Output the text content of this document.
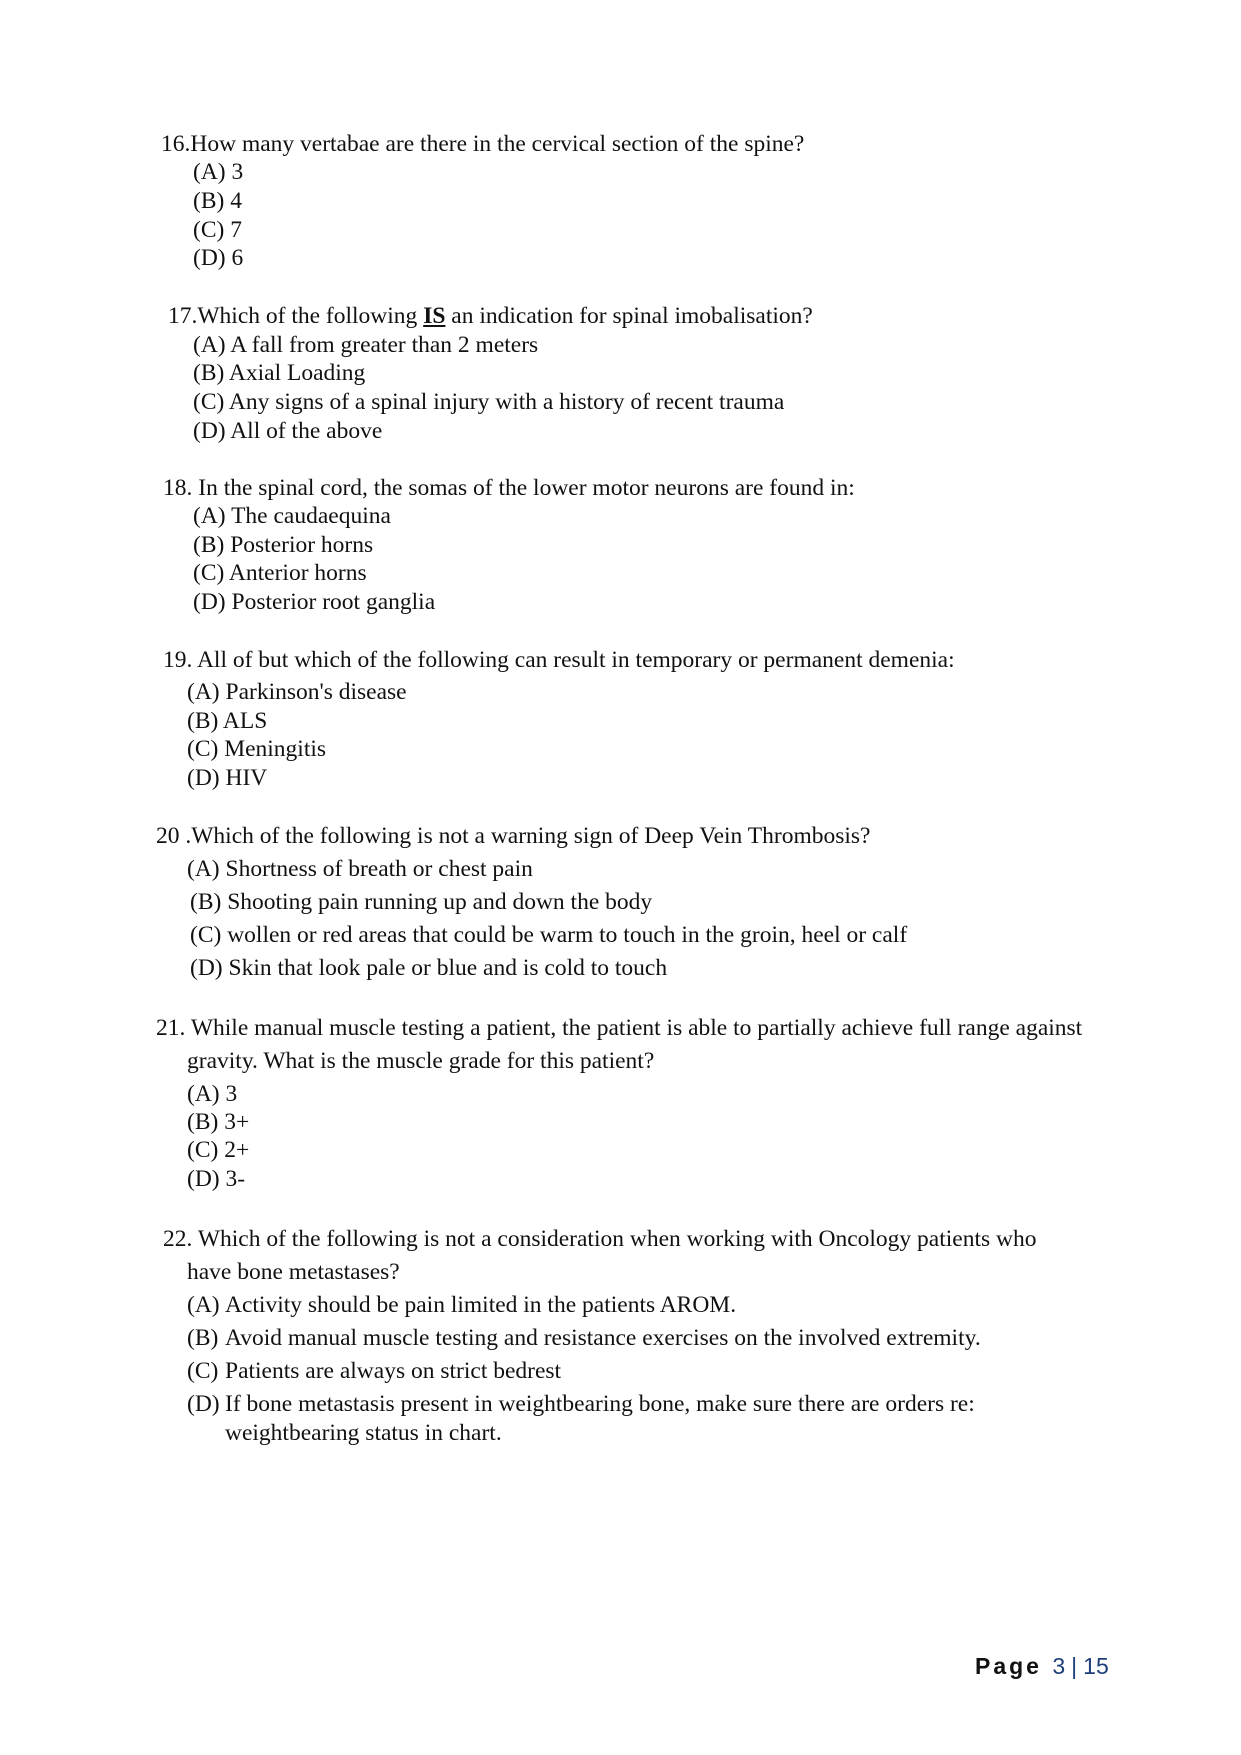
16.How many vertabae are there in the cervical section of the spine?
(A) 3
(B) 4
(C) 7
(D) 6
17.Which of the following IS an indication for spinal imobalisation?
(A) A fall from greater than 2 meters
(B) Axial Loading
(C) Any signs of a spinal injury with a history of recent trauma
(D) All of the above
18. In the spinal cord, the somas of the lower motor neurons are found in:
(A) The caudaequina
(B) Posterior horns
(C) Anterior horns
(D) Posterior root ganglia
19. All of but which of the following can result in temporary or permanent demenia:
(A) Parkinson's disease
(B) ALS
(C) Meningitis
(D) HIV
20 .Which of the following is not a warning sign of Deep Vein Thrombosis?
(A) Shortness of breath or chest pain
(B) Shooting pain running up and down the body
(C) wollen or red areas that could be warm to touch in the groin, heel or calf
(D) Skin that look pale or blue and is cold to touch
21. While manual muscle testing a patient, the patient is able to partially achieve full range against
gravity. What is the muscle grade for this patient?
(A) 3
(B) 3+
(C) 2+
(D) 3-
22. Which of the following is not a consideration when working with Oncology patients who
have bone metastases?
(A) Activity should be pain limited in the patients AROM.
(B) Avoid manual muscle testing and resistance exercises on the involved extremity.
(C) Patients are always on strict bedrest
(D) If bone metastasis present in weightbearing bone, make sure there are orders re:
weightbearing status in chart.
Page 3 | 15
